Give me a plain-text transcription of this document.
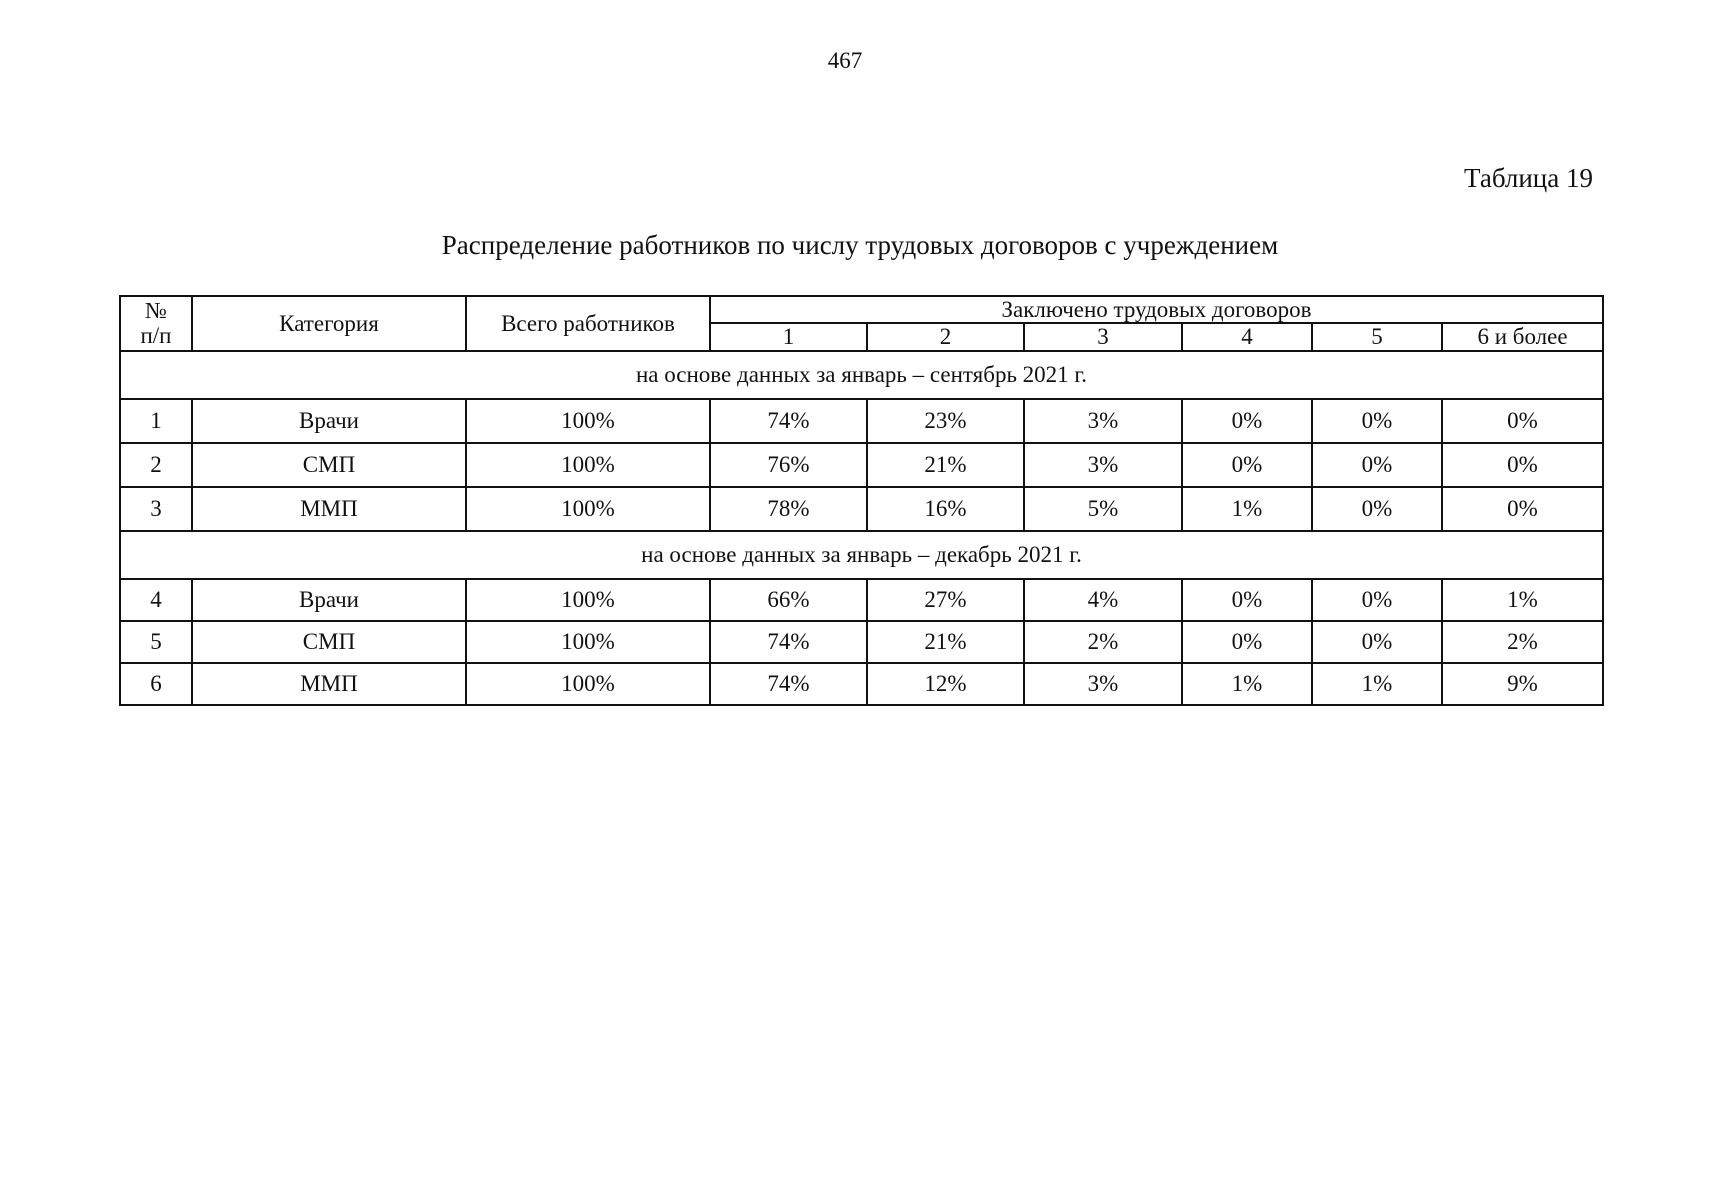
467
Таблица 19
Распределение работников по числу трудовых договоров с учреждением
№
п/п	Категория	Всего работников	Заключено трудовых договоров					
			1	2	3	4	5	6 и более
на основе данных за январь – сентябрь 2021 г.								
1	Врачи	100%	74%	23%	3%	0%	0%	0%
2	СМП	100%	76%	21%	3%	0%	0%	0%
3	ММП	100%	78%	16%	5%	1%	0%	0%
на основе данных за январь – декабрь 2021 г.								
4	Врачи	100%	66%	27%	4%	0%	0%	1%
5	СМП	100%	74%	21%	2%	0%	0%	2%
6	ММП	100%	74%	12%	3%	1%	1%	9%
